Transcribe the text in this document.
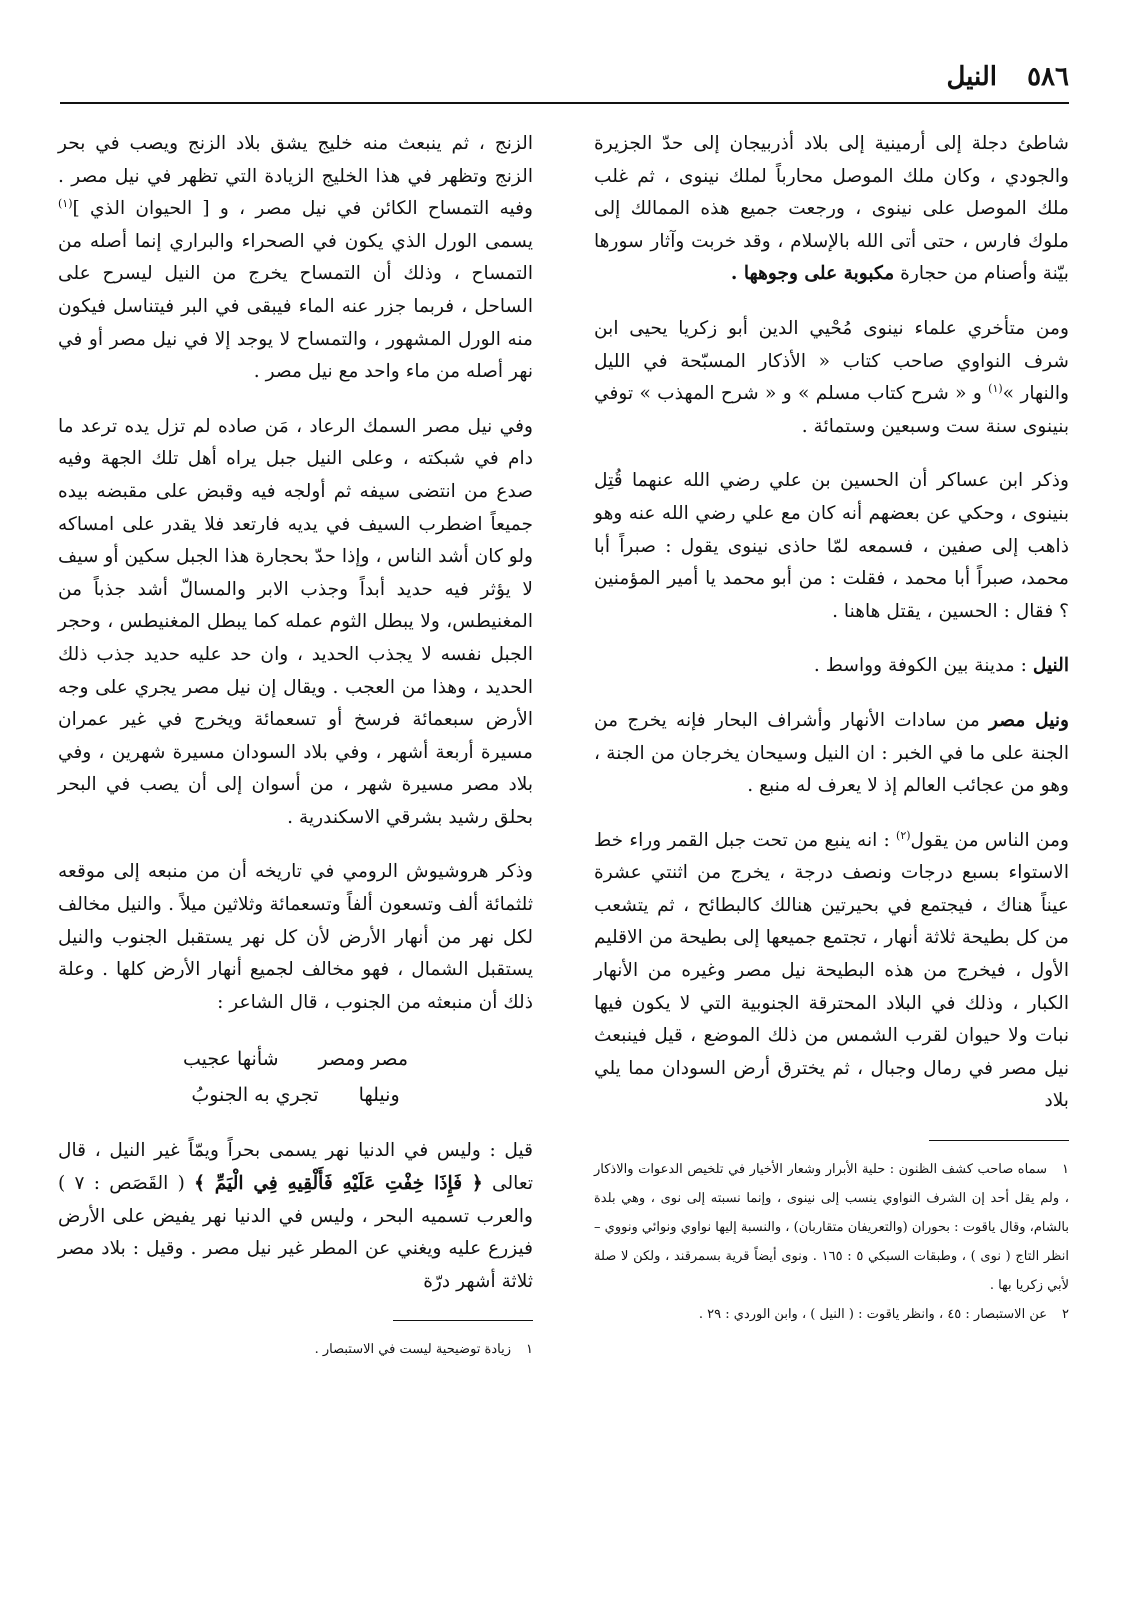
٥٨٦
النيل

شاطئ دجلة إلى أرمينية إلى بلاد أذربيجان إلى حدّ الجزيرة والجودي ، وكان ملك الموصل محارباً لملك نينوى ، ثم غلب ملك الموصل على نينوى ، ورجعت جميع هذه الممالك إلى ملوك فارس ، حتى أتى الله بالإسلام ، وقد خربت وآثار سورها بيّنة وأصنام من حجارة مكبوبة على وجوهها .

ومن متأخري علماء نينوى مُحْيي الدين أبو زكريا يحيى ابن شرف النواوي صاحب كتاب « الأذكار المسبّحة في الليل والنهار »$^{(١)}$ و « شرح كتاب مسلم » و « شرح المهذب » توفي بنينوى سنة ست وسبعين وستمائة .

وذكر ابن عساكر أن الحسين بن علي رضي الله عنهما قُتِل بنينوى ، وحكي عن بعضهم أنه كان مع علي رضي الله عنه وهو ذاهب إلى صفين ، فسمعه لمّا حاذى نينوى يقول : صبراً أبا محمد، صبراً أبا محمد ، فقلت : من أبو محمد يا أمير المؤمنين ؟ فقال : الحسين ، يقتل هاهنا .

النيل : مدينة بين الكوفة وواسط .

ونيل مصر من سادات الأنهار وأشراف البحار فإنه يخرج من الجنة على ما في الخبر : ان النيل وسيحان يخرجان من الجنة ، وهو من عجائب العالم إذ لا يعرف له منبع .

ومن الناس من يقول$^{(٢)}$ : انه ينبع من تحت جبل القمر وراء خط الاستواء بسبع درجات ونصف درجة ، يخرج من اثنتي عشرة عيناً هناك ، فيجتمع في بحيرتين هنالك كالبطائح ، ثم يتشعب من كل بطيحة ثلاثة أنهار ، تجتمع جميعها إلى بطيحة من الاقليم الأول ، فيخرج من هذه البطيحة نيل مصر وغيره من الأنهار الكبار ، وذلك في البلاد المحترقة الجنوبية التي لا يكون فيها نبات ولا حيوان لقرب الشمس من ذلك الموضع ، قيل فينبعث نيل مصر في رمال وجبال ، ثم يخترق أرض السودان مما يلي بلاد

١سماه صاحب كشف الظنون : حلية الأبرار وشعار الأخيار في تلخيص الدعوات والاذكار ، ولم يقل أحد إن الشرف النواوي ينسب إلى نينوى ، وإنما نسبته إلى نوى ، وهي بلدة بالشام، وقال ياقوت : بحوران (والتعريفان متقاربان) ، والنسبة إليها نواوي ونوائي ونووي – انظر التاج ( نوى ) ، وطبقات السبكي ٥ : ١٦٥ . ونوى أيضاً قرية بسمرقند ، ولكن لا صلة لأبي زكريا بها .
٢عن الاستبصار : ٤٥ ، وانظر ياقوت : ( النيل ) ، وابن الوردي : ٢٩ .

الزنج ، ثم ينبعث منه خليج يشق بلاد الزنج ويصب في بحر الزنج وتظهر في هذا الخليج الزيادة التي تظهر في نيل مصر . وفيه التمساح الكائن في نيل مصر ، و [ الحيوان الذي ]$^{(١)}$ يسمى الورل الذي يكون في الصحراء والبراري إنما أصله من التمساح ، وذلك أن التمساح يخرج من النيل ليسرح على الساحل ، فربما جزر عنه الماء فيبقى في البر فيتناسل فيكون منه الورل المشهور ، والتمساح لا يوجد إلا في نيل مصر أو في نهر أصله من ماء واحد مع نيل مصر .

وفي نيل مصر السمك الرعاد ، مَن صاده لم تزل يده ترعد ما دام في شبكته ، وعلى النيل جبل يراه أهل تلك الجهة وفيه صدع من انتضى سيفه ثم أولجه فيه وقبض على مقبضه بيده جميعاً اضطرب السيف في يديه فارتعد فلا يقدر على امساكه ولو كان أشد الناس ، وإذا حدّ بحجارة هذا الجبل سكين أو سيف لا يؤثر فيه حديد أبداً وجذب الابر والمسالّ أشد جذباً من المغنيطس، ولا يبطل الثوم عمله كما يبطل المغنيطس ، وحجر الجبل نفسه لا يجذب الحديد ، وان حد عليه حديد جذب ذلك الحديد ، وهذا من العجب . ويقال إن نيل مصر يجري على وجه الأرض سبعمائة فرسخ أو تسعمائة ويخرج في غير عمران مسيرة أربعة أشهر ، وفي بلاد السودان مسيرة شهرين ، وفي بلاد مصر مسيرة شهر ، من أسوان إلى أن يصب في البحر بحلق رشيد بشرقي الاسكندرية .

وذكر هروشيوش الرومي في تاريخه أن من منبعه إلى موقعه ثلثمائة ألف وتسعون ألفاً وتسعمائة وثلاثين ميلاً . والنيل مخالف لكل نهر من أنهار الأرض لأن كل نهر يستقبل الجنوب والنيل يستقبل الشمال ، فهو مخالف لجميع أنهار الأرض كلها . وعلة ذلك أن منبعثه من الجنوب ، قال الشاعر :

مصر ومصر
شأنها عجيب
ونيلها
تجري به الجنوبُ

قيل : وليس في الدنيا نهر يسمى بحراً ويمّاً غير النيل ، قال تعالى ﴿ فَإِذَا خِفْتِ عَلَيْهِ فَأَلْقِيهِ فِي الْيَمِّ ﴾ ( القَصَص : ٧ ) والعرب تسميه البحر ، وليس في الدنيا نهر يفيض على الأرض فيزرع عليه ويغني عن المطر غير نيل مصر . وقيل : بلاد مصر ثلاثة أشهر درّة

١زيادة توضيحية ليست في الاستبصار .
